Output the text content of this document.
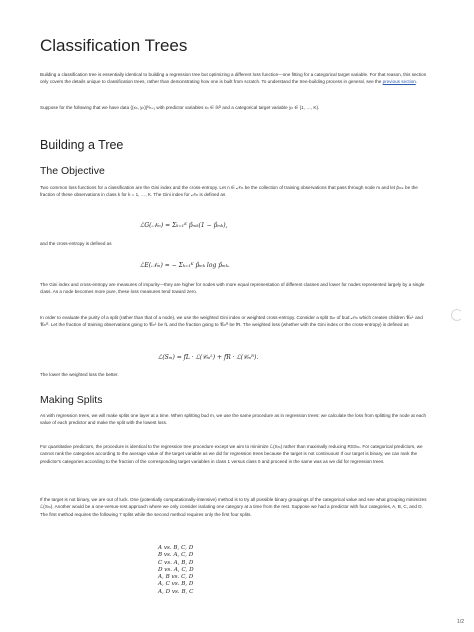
Classification Trees

Building a classification tree is essentially identical to building a regression tree but optimizing a different loss function—one fitting for a categorical target variable. For that reason, this section only covers the details unique to classification trees, rather than demonstrating how one is built from scratch. To understand the tree-building process in general, see the previous section.

Suppose for the following that we have data {(xₙ, yₙ)}ᴺₙ₌₁ with predictor variables xₙ ∈ ℝᴰ and a categorical target variable yₙ ∈ {1, …, K}.

Building a Tree
The Objective

Two common loss functions for a classification are the Gini index and the cross-entropy. Let n ∈ 𝒩ₘ be the collection of training observations that pass through node m and let p̂ₘₖ be the fraction of these observations in class k for k = 1, …, K. The Gini index for 𝒩ₘ is defined as

ℒG(𝒩ₘ) = Σₖ₌₁ᴷ p̂ₘₖ(1 − p̂ₘₖ),

and the cross-entropy is defined as

ℒE(𝒩ₘ) = − Σₖ₌₁ᴷ p̂ₘₖ log p̂ₘₖ.

The Gini index and cross-entropy are measures of impurity—they are higher for nodes with more equal representation of different classes and lower for nodes represented largely by a single class. As a node becomes more pure, these loss measures tend toward zero.

In order to evaluate the purity of a split (rather than that of a node), we use the weighted Gini index or weighted cross-entropy. Consider a split Sₘ of bud 𝒩ₘ which creates children 𝒞ₘᴸ and 𝒞ₘᴿ. Let the fraction of training observations going to 𝒞ₘᴸ be fL and the fraction going to 𝒞ₘᴿ be fR. The weighted loss (whether with the Gini index or the cross-entropy) is defined as

ℒ(Sₘ) = fL · ℒ(𝒞ₘᴸ) + fR · ℒ(𝒞ₘᴿ).

The lower the weighted loss the better.

Making Splits

As with regression trees, we will make splits one layer at a time. When splitting bud m, we use the same procedure as in regression trees: we calculate the loss from splitting the node at each value of each predictor and make the split with the lowest loss.

For quantitative predictors, the procedure is identical to the regression tree procedure except we aim to minimize ℒ(Sₘ) rather than maximally reducing RSSₘ. For categorical predictors, we cannot rank the categories according to the average value of the target variable as we did for regression trees because the target is not continuous! If our target is binary, we can rank the predictor's categories according to the fraction of the corresponding target variables in class 1 versus class 0 and proceed in the same was as we did for regression trees.

If the target is not binary, we are out of luck. One (potentially computationally-intensive) method is to try all possible binary groupings of the categorical value and see what grouping minimizes ℒ(Sₘ). Another would be a one-versus-rest approach where we only consider isolating one category at a time from the rest. Suppose we had a predictor with four categories, A, B, C, and D. The first method requires the following 7 splits while the second method requires only the first four splits.

A vs. B, C, D
B vs. A, C, D
C vs. A, B, D
D vs. A, C, D
A, B vs. C, D
A, C vs. B, D
A, D vs. B, C
1/2
